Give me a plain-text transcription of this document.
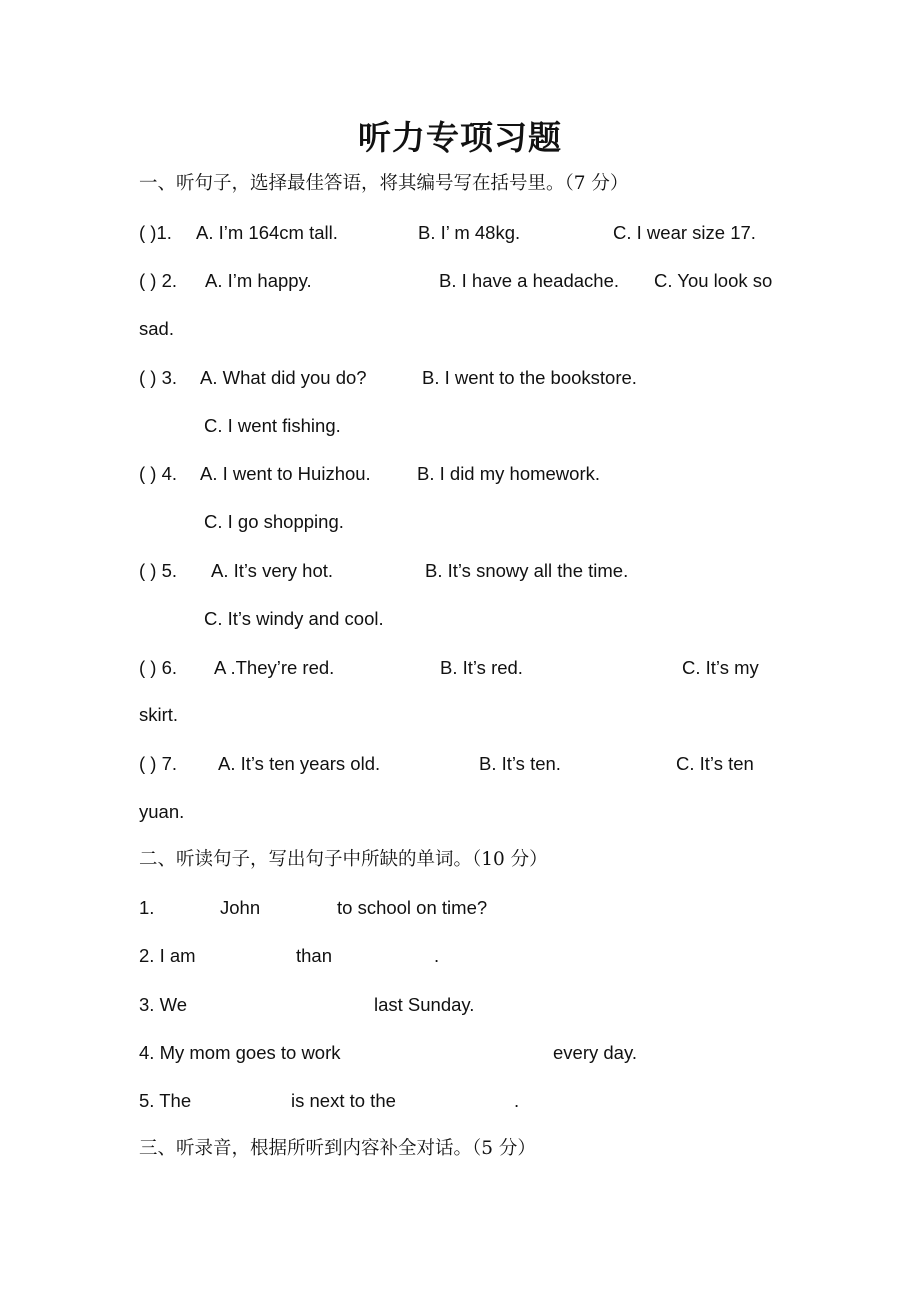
听力专项习题
一、听句子，选择最佳答语，将其编号写在括号里。（7 分）
( )1. A. I’m 164cm tall.	B. I’ m 48kg.	C. I wear size 17.
( ) 2. A. I’m happy.	B. I have a headache. C. You look so
sad.
( ) 3. A. What did you do?	B. I went to the bookstore.
C. I went fishing.
( ) 4. A. I went to Huizhou.	B. I did my homework.
C. I go shopping.
( ) 5. A. It’s very hot.	B. It’s snowy all the time.
C. It’s windy and cool.
( ) 6. A .They’re red.	B. It’s red.	C. It’s my
skirt.
( ) 7. A. It’s ten years old.	B. It’s ten.	C. It’s ten
yuan.
二、听读句子，写出句子中所缺的单词。（10 分）
1.	John	to school on time?
2. I am	than	.
3. We	last Sunday.
4. My mom goes to work	every day.
5. The	is next to the	.
三、听录音，根据所听到内容补全对话。（5 分）
